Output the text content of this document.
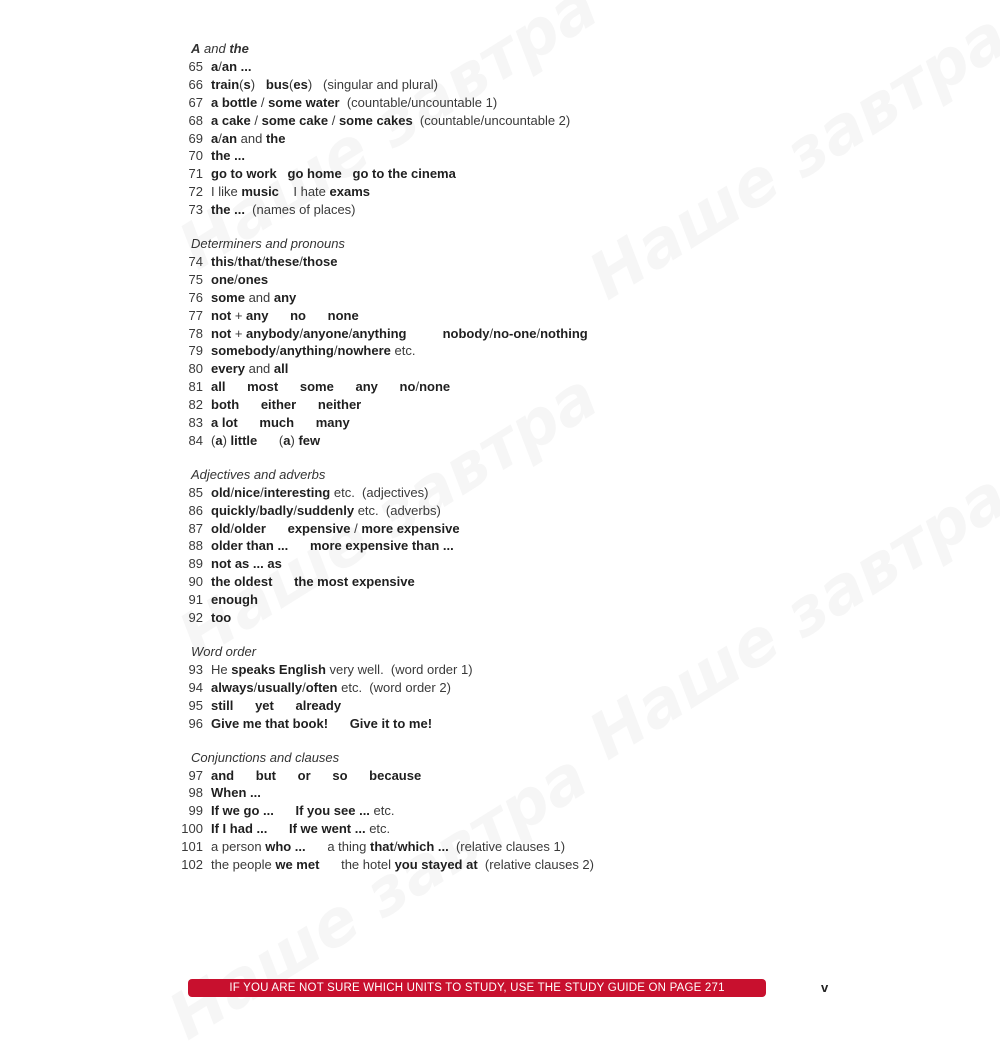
A and the
65 a/an ...
66 train(s)   bus(es)   (singular and plural)
67 a bottle / some water  (countable/uncountable 1)
68 a cake / some cake / some cakes  (countable/uncountable 2)
69 a/an and the
70 the ...
71 go to work   go home   go to the cinema
72 I like music    I hate exams
73 the ...  (names of places)
Determiners and pronouns
74 this/that/these/those
75 one/ones
76 some and any
77 not + any      no      none
78 not + anybody/anyone/anything	nobody/no-one/nothing
79 somebody/anything/nowhere etc.
80 every and all
81 all      most      some      any      no/none
82 both      either      neither
83 a lot      much      many
84 (a) little      (a) few
Adjectives and adverbs
85 old/nice/interesting etc.  (adjectives)
86 quickly/badly/suddenly etc.  (adverbs)
87 old/older expensive / more expensive
88 older than ...      more expensive than ...
89 not as ... as
90 the oldest      the most expensive
91 enough
92 too
Word order
93 He speaks English very well.  (word order 1)
94 always/usually/often etc.  (word order 2)
95 still      yet      already
96 Give me that book!      Give it to me!
Conjunctions and clauses
97 and      but      or      so      because
98 When ...
99 If we go ...      If you see ... etc.
100 If I had ...      If we went ... etc.
101 a person who ...      a thing that/which ...  (relative clauses 1)
102 the people we met      the hotel you stayed at  (relative clauses 2)
IF YOU ARE NOT SURE WHICH UNITS TO STUDY, USE THE STUDY GUIDE ON PAGE 271	v
